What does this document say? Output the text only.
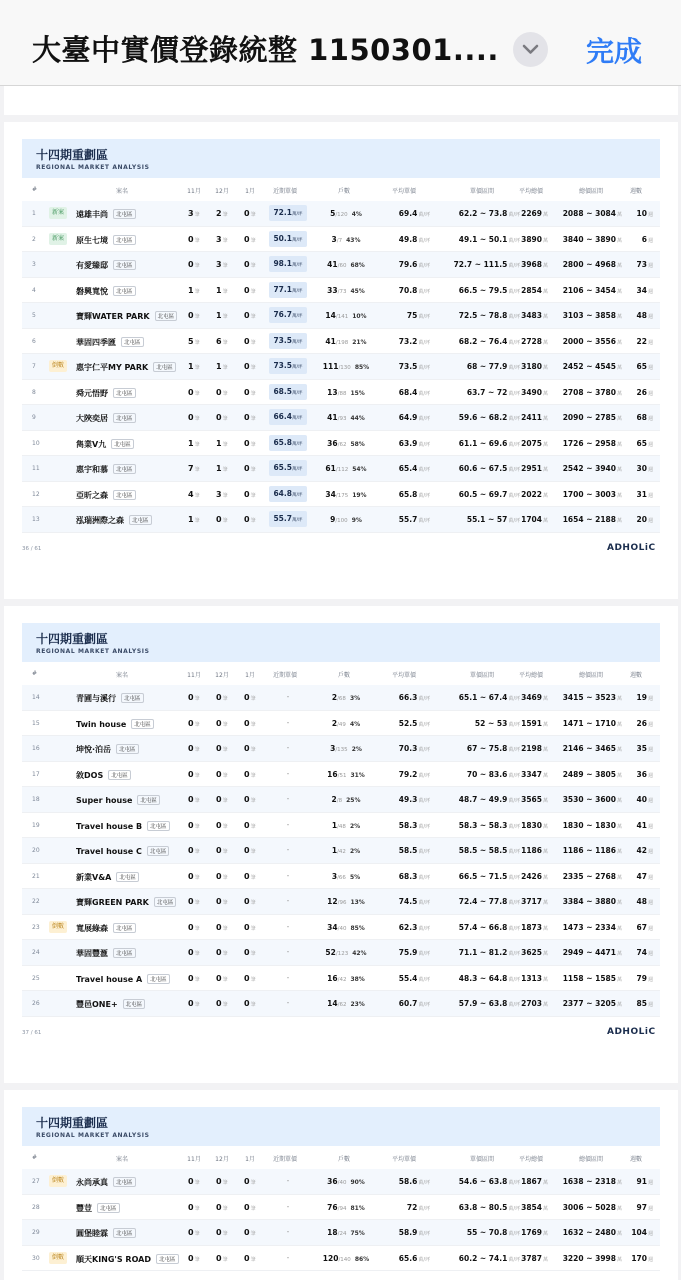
大臺中實價登錄統整 1150301....	完成
十四期重劃區
REGIONAL MARKET ANALYSIS
#	案名	11月 12月	1月	近期單價	戶數	平均單價	單價區間	平均總價	總價區間	週數
1	新案	遠雄丰尚 北屯區	3筆 2筆 0筆	72.1萬/坪	5/120 4%	69.4萬/坪	62.2 ~ 73.8萬/坪 2269萬	2088 ~ 3084萬	10週
2	新案	原生七境 北屯區	0筆 3筆 0筆	50.1萬/坪	3/7 43%	49.8萬/坪	49.1 ~ 50.1萬/坪 3890萬	3840 ~ 3890萬	6週
3	有愛臻邸 北屯區	0筆 3筆 0筆	98.1萬/坪	41/60 68%	79.6萬/坪	72.7 ~ 111.5萬/坪 3968萬	2800 ~ 4968萬	73週
4	磐興寬悅 北屯區	1筆 1筆 0筆	77.1萬/坪	33/73 45%	70.8萬/坪	66.5 ~ 79.5萬/坪 2854萬	2106 ~ 3454萬	34週
5	寶輝WATER PARK 北屯區	0筆 1筆 0筆	76.7萬/坪	14/141 10%	75萬/坪	72.5 ~ 78.8萬/坪 3483萬	3103 ~ 3858萬	48週
6	華固四季匯 北屯區	5筆 6筆 0筆	73.5萬/坪	41/198 21%	73.2萬/坪	68.2 ~ 76.4萬/坪 2728萬	2000 ~ 3556萬	22週
7	倒數	惠宇仁平MY PARK 北屯區	1筆 1筆 0筆	73.5萬/坪	111/130 85%	73.5萬/坪	68 ~ 77.9萬/坪 3180萬	2452 ~ 4545萬	65週
8	舜元悟野 北屯區	0筆 0筆 0筆	68.5萬/坪	13/88 15%	68.4萬/坪	63.7 ~ 72萬/坪 3490萬	2708 ~ 3780萬	26週
9	大陜奕居 北屯區	0筆 0筆 0筆	66.4萬/坪	41/93 44%	64.9萬/坪	59.6 ~ 68.2萬/坪 2411萬	2090 ~ 2785萬	68週
10	雋業V九 北屯區	1筆 1筆 0筆	65.8萬/坪	36/62 58%	63.9萬/坪	61.1 ~ 69.6萬/坪 2075萬	1726 ~ 2958萬	65週
11	惠宇和慕 北屯區	7筆 1筆 0筆	65.5萬/坪	61/112 54%	65.4萬/坪	60.6 ~ 67.5萬/坪 2951萬	2542 ~ 3940萬	30週
12	亞昕之森 北屯區	4筆 3筆 0筆	64.8萬/坪	34/175 19%	65.8萬/坪	60.5 ~ 69.7萬/坪 2022萬	1700 ~ 3003萬	31週
13	泓瑞洲際之森 北屯區	1筆 0筆 0筆	55.7萬/坪	9/100 9%	55.7萬/坪	55.1 ~ 57萬/坪 1704萬	1654 ~ 2188萬	20週
36 / 61	ADHOLiC
十四期重劃區
REGIONAL MARKET ANALYSIS
#	案名	11月 12月	1月	近期單價	戶數	平均單價	單價區間	平均總價	總價區間	週數
14	青圃与溪行 北屯區	0筆 0筆 0筆	-	2/68 3%	66.3萬/坪	65.1 ~ 67.4萬/坪 3469萬	3415 ~ 3523萬	19週
15	Twin house 北屯區	0筆 0筆 0筆	-	2/49 4%	52.5萬/坪	52 ~ 53萬/坪 1591萬	1471 ~ 1710萬	26週
16	坤悅·泊岳 北屯區	0筆 0筆 0筆	-	3/135 2%	70.3萬/坪	67 ~ 75.8萬/坪 2198萬	2146 ~ 3465萬	35週
17	敘DOS 北屯區	0筆 0筆 0筆	-	16/51 31%	79.2萬/坪	70 ~ 83.6萬/坪 3347萬	2489 ~ 3805萬	36週
18	Super house 北屯區	0筆 0筆 0筆	-	2/8 25%	49.3萬/坪	48.7 ~ 49.9萬/坪 3565萬	3530 ~ 3600萬	40週
19	Travel house B 北屯區	0筆 0筆 0筆	-	1/48 2%	58.3萬/坪	58.3 ~ 58.3萬/坪 1830萬	1830 ~ 1830萬	41週
20	Travel house C 北屯區	0筆 0筆 0筆	-	1/42 2%	58.5萬/坪	58.5 ~ 58.5萬/坪 1186萬	1186 ~ 1186萬	42週
21	新業V&A 北屯區	0筆 0筆 0筆	-	3/66 5%	68.3萬/坪	66.5 ~ 71.5萬/坪 2426萬	2335 ~ 2768萬	47週
22	寶輝GREEN PARK 北屯區	0筆 0筆 0筆	-	12/96 13%	74.5萬/坪	72.4 ~ 77.8萬/坪 3717萬	3384 ~ 3880萬	48週
23	倒數	寬展綠森 北屯區	0筆 0筆 0筆	-	34/40 85%	62.3萬/坪	57.4 ~ 66.8萬/坪 1873萬	1473 ~ 2334萬	67週
24	華固豐滙 北屯區	0筆 0筆 0筆	-	52/123 42%	75.9萬/坪	71.1 ~ 81.2萬/坪 3625萬	2949 ~ 4471萬	74週
25	Travel house A 北屯區	0筆 0筆 0筆	-	16/42 38%	55.4萬/坪	48.3 ~ 64.8萬/坪 1313萬	1158 ~ 1585萬	79週
26	豐邑ONE+ 北屯區	0筆 0筆 0筆	-	14/62 23%	60.7萬/坪	57.9 ~ 63.8萬/坪 2703萬	2377 ~ 3205萬	85週
37 / 61	ADHOLiC
十四期重劃區
REGIONAL MARKET ANALYSIS
#	案名	11月 12月	1月	近期單價	戶數	平均單價	單價區間	平均總價	總價區間	週數
27	倒數	永尚承真 北屯區	0筆 0筆 0筆	-	36/40 90%	58.6萬/坪	54.6 ~ 63.8萬/坪 1867萬	1638 ~ 2318萬	91週
28	豐荳 北屯區	0筆 0筆 0筆	-	76/94 81%	72萬/坪	63.8 ~ 80.5萬/坪 3854萬	3006 ~ 5028萬	97週
29	圓堡睦霖 北屯區	0筆 0筆 0筆	-	18/24 75%	58.9萬/坪	55 ~ 70.8萬/坪 1769萬	1632 ~ 2480萬	104週
30	倒數	順天KING'S ROAD 北屯區	0筆 0筆 0筆	-	120/140 86%	65.6萬/坪	60.2 ~ 74.1萬/坪 3787萬	3220 ~ 3998萬	170週
